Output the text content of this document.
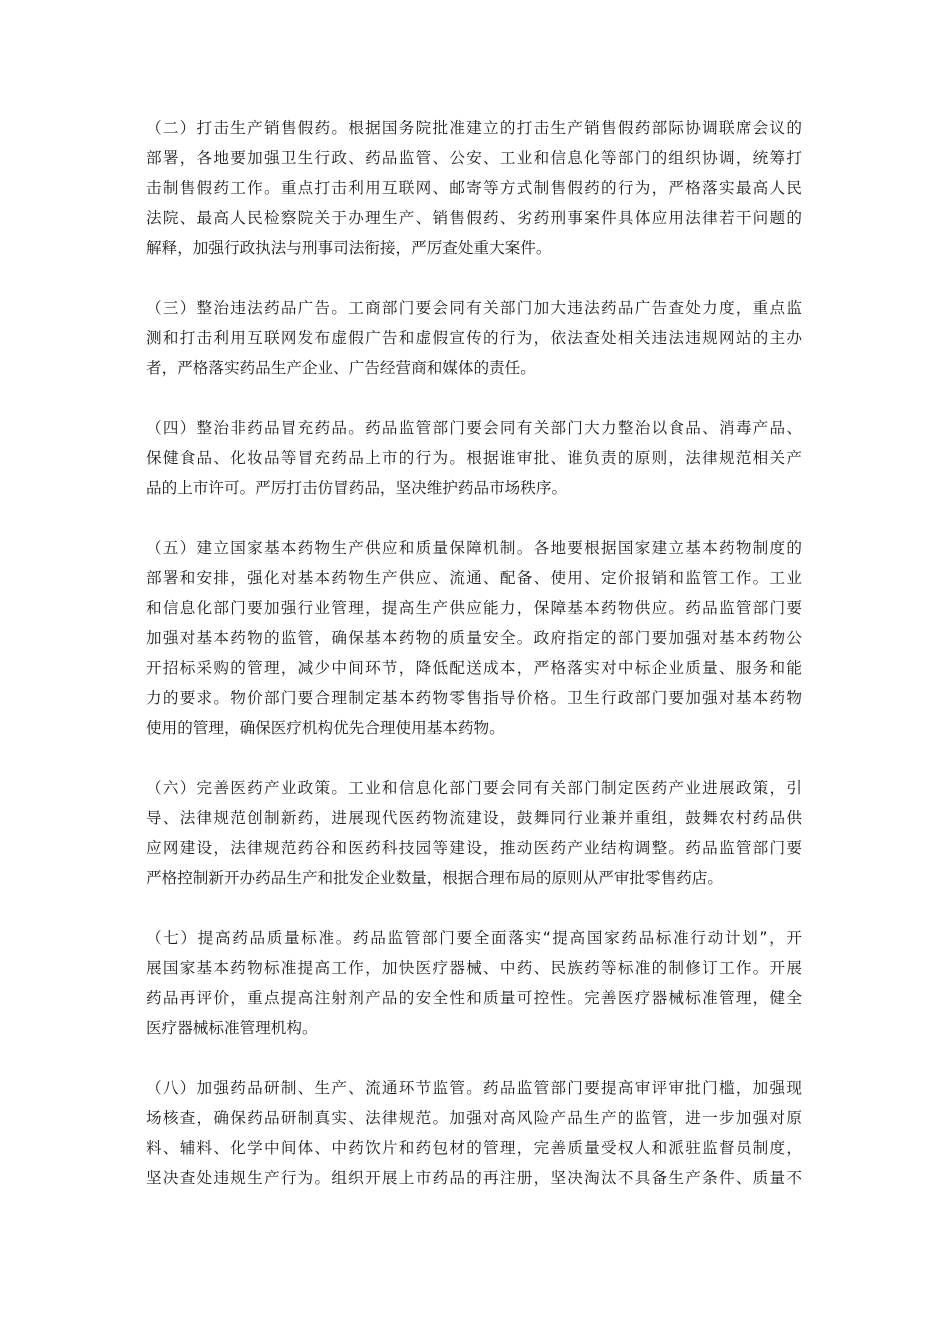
（二）打击生产销售假药。根据国务院批准建立的打击生产销售假药部际协调联席会议的
部署，各地要加强卫生行政、药品监管、公安、工业和信息化等部门的组织协调，统筹打
击制售假药工作。重点打击利用互联网、邮寄等方式制售假药的行为，严格落实最高人民
法院、最高人民检察院关于办理生产、销售假药、劣药刑事案件具体应用法律若干问题的
解释，加强行政执法与刑事司法衔接，严厉查处重大案件。
（三）整治违法药品广告。工商部门要会同有关部门加大违法药品广告查处力度，重点监
测和打击利用互联网发布虚假广告和虚假宣传的行为，依法查处相关违法违规网站的主办
者，严格落实药品生产企业、广告经营商和媒体的责任。
（四）整治非药品冒充药品。药品监管部门要会同有关部门大力整治以食品、消毒产品、
保健食品、化妆品等冒充药品上市的行为。根据谁审批、谁负责的原则，法律规范相关产
品的上市许可。严厉打击仿冒药品，坚决维护药品市场秩序。
（五）建立国家基本药物生产供应和质量保障机制。各地要根据国家建立基本药物制度的
部署和安排，强化对基本药物生产供应、流通、配备、使用、定价报销和监管工作。工业
和信息化部门要加强行业管理，提高生产供应能力，保障基本药物供应。药品监管部门要
加强对基本药物的监管，确保基本药物的质量安全。政府指定的部门要加强对基本药物公
开招标采购的管理，减少中间环节，降低配送成本，严格落实对中标企业质量、服务和能
力的要求。物价部门要合理制定基本药物零售指导价格。卫生行政部门要加强对基本药物
使用的管理，确保医疗机构优先合理使用基本药物。
（六）完善医药产业政策。工业和信息化部门要会同有关部门制定医药产业进展政策，引
导、法律规范创制新药，进展现代医药物流建设，鼓舞同行业兼并重组，鼓舞农村药品供
应网建设，法律规范药谷和医药科技园等建设，推动医药产业结构调整。药品监管部门要
严格控制新开办药品生产和批发企业数量，根据合理布局的原则从严审批零售药店。
（七）提高药品质量标准。药品监管部门要全面落实“提高国家药品标准行动计划”，开
展国家基本药物标准提高工作，加快医疗器械、中药、民族药等标准的制修订工作。开展
药品再评价，重点提高注射剂产品的安全性和质量可控性。完善医疗器械标准管理，健全
医疗器械标准管理机构。
（八）加强药品研制、生产、流通环节监管。药品监管部门要提高审评审批门槛，加强现
场核查，确保药品研制真实、法律规范。加强对高风险产品生产的监管，进一步加强对原
料、辅料、化学中间体、中药饮片和药包材的管理，完善质量受权人和派驻监督员制度，
坚决查处违规生产行为。组织开展上市药品的再注册，坚决淘汰不具备生产条件、质量不
